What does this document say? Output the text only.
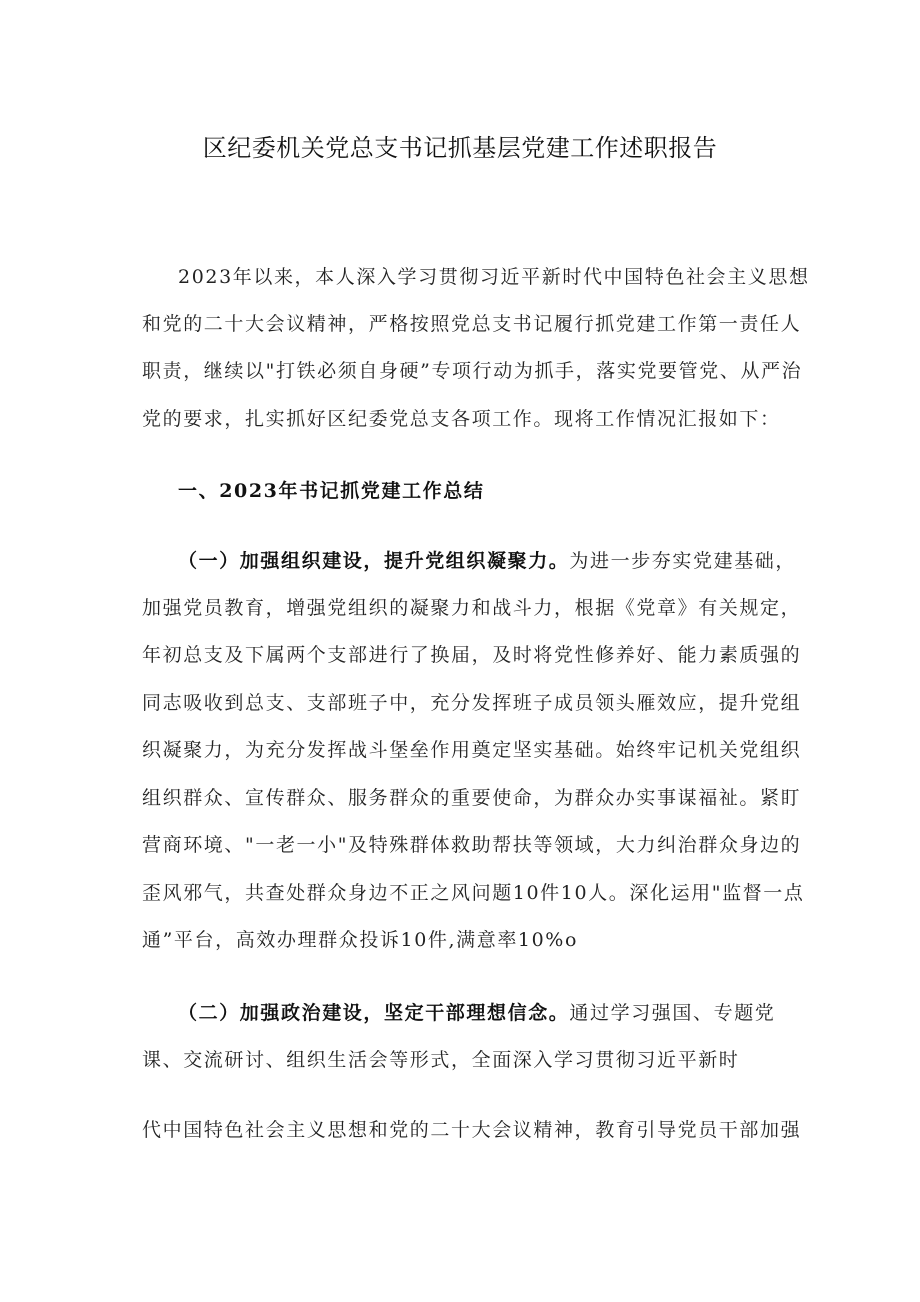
区纪委机关党总支书记抓基层党建工作述职报告
2023年以来，本人深入学习贯彻习近平新时代中国特色社会主义思想
和党的二十大会议精神，严格按照党总支书记履行抓党建工作第一责任人
职责，继续以"打铁必须自身硬”专项行动为抓手，落实党要管党、从严治
党的要求，扎实抓好区纪委党总支各项工作。现将工作情况汇报如下：
一、2023年书记抓党建工作总结
（一）加强组织建设，提升党组织凝聚力。为进一步夯实党建基础，
加强党员教育，增强党组织的凝聚力和战斗力，根据《党章》有关规定，
年初总支及下属两个支部进行了换届，及时将党性修养好、能力素质强的
同志吸收到总支、支部班子中，充分发挥班子成员领头雁效应，提升党组
织凝聚力，为充分发挥战斗堡垒作用奠定坚实基础。始终牢记机关党组织
组织群众、宣传群众、服务群众的重要使命，为群众办实事谋福祉。紧盯
营商环境、"一老一小"及特殊群体救助帮扶等领域，大力纠治群众身边的
歪风邪气，共查处群众身边不正之风问题10件10人。深化运用"监督一点
通”平台，高效办理群众投诉10件,满意率10%o
（二）加强政治建设，坚定干部理想信念。通过学习强国、专题党
课、交流研讨、组织生活会等形式，全面深入学习贯彻习近平新时
代中国特色社会主义思想和党的二十大会议精神，教育引导党员干部加强
